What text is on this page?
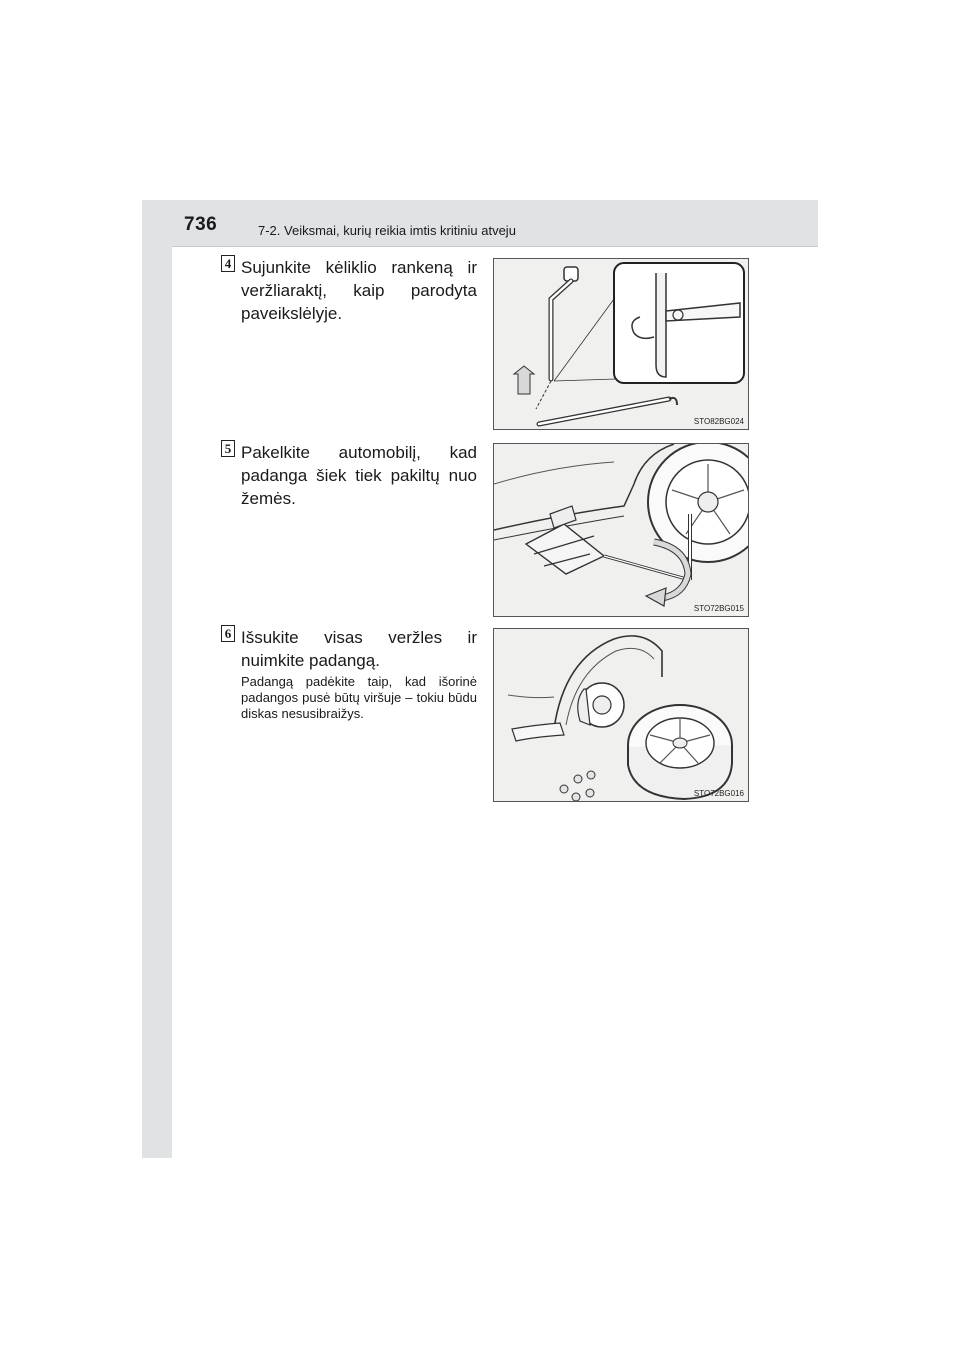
736	7-2. Veiksmai, kurių reikia imtis kritiniu atveju
4 Sujunkite kėliklio rankeną ir veržliaraktį, kaip parodyta paveikslėlyje.
STO82BG024
5 Pakelkite automobilį, kad padanga šiek tiek pakiltų nuo žemės.
STO72BG015
6 Išsukite visas veržles ir nuimkite padangą.
Padangą padėkite taip, kad išorinė padangos pusė būtų viršuje – tokiu būdu diskas nesusibraižys.
STO72BG016
